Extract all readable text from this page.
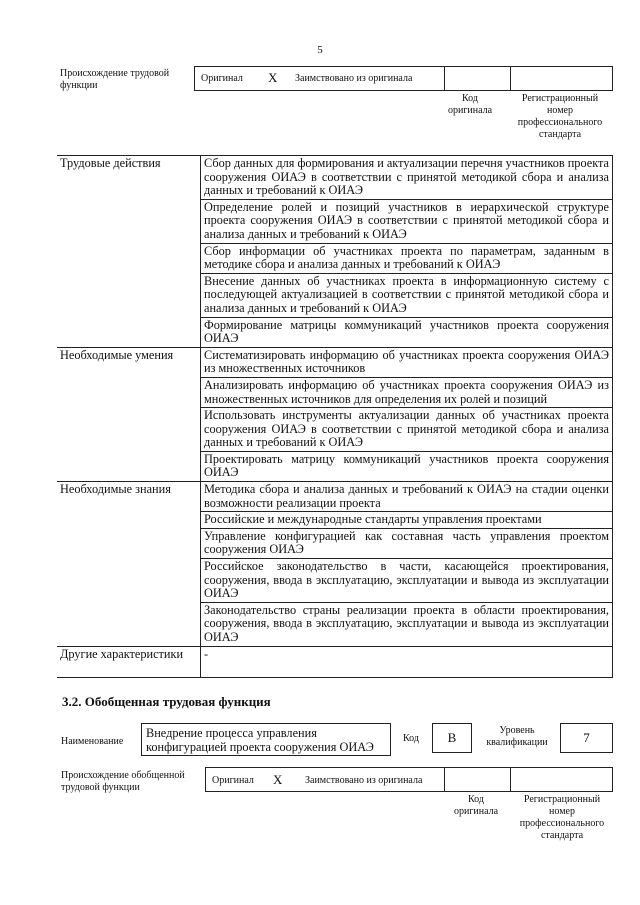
5
Происхождение трудовой функции
Оригинал X Заимствовано из оригинала
Код оригинала
Регистрационный номер профессионального стандарта
Трудовые действия	Сбор данных для формирования и актуализации перечня участников проекта сооружения ОИАЭ в соответствии с принятой методикой сбора и анализа данных и требований к ОИАЭ
	Определение ролей и позиций участников в иерархической структуре проекта сооружения ОИАЭ в соответствии с принятой методикой сбора и анализа данных и требований к ОИАЭ
	Сбор информации об участниках проекта по параметрам, заданным в методике сбора и анализа данных и требований к ОИАЭ
	Внесение данных об участниках проекта в информационную систему с последующей актуализацией в соответствии с принятой методикой сбора и анализа данных и требований к ОИАЭ
	Формирование матрицы коммуникаций участников проекта сооружения ОИАЭ
Необходимые умения	Систематизировать информацию об участниках проекта сооружения ОИАЭ из множественных источников
	Анализировать информацию об участниках проекта сооружения ОИАЭ из множественных источников для определения их ролей и позиций
	Использовать инструменты актуализации данных об участниках проекта сооружения ОИАЭ в соответствии с принятой методикой сбора и анализа данных и требований к ОИАЭ
	Проектировать матрицу коммуникаций участников проекта сооружения ОИАЭ
Необходимые знания	Методика сбора и анализа данных и требований к ОИАЭ на стадии оценки возможности реализации проекта
	Российские и международные стандарты управления проектами
	Управление конфигурацией как составная часть управления проектом сооружения ОИАЭ
	Российское законодательство в части, касающейся проектирования, сооружения, ввода в эксплуатацию, эксплуатации и вывода из эксплуатации ОИАЭ
	Законодательство страны реализации проекта в области проектирования, сооружения, ввода в эксплуатацию, эксплуатации и вывода из эксплуатации ОИАЭ
Другие характеристики	-
3.2. Обобщенная трудовая функция
Наименование
Внедрение процесса управления конфигурацией проекта сооружения ОИАЭ
Код	B	Уровень квалификации	7
Происхождение обобщенной трудовой функции
Оригинал X Заимствовано из оригинала
Код оригинала
Регистрационный номер профессионального стандарта
